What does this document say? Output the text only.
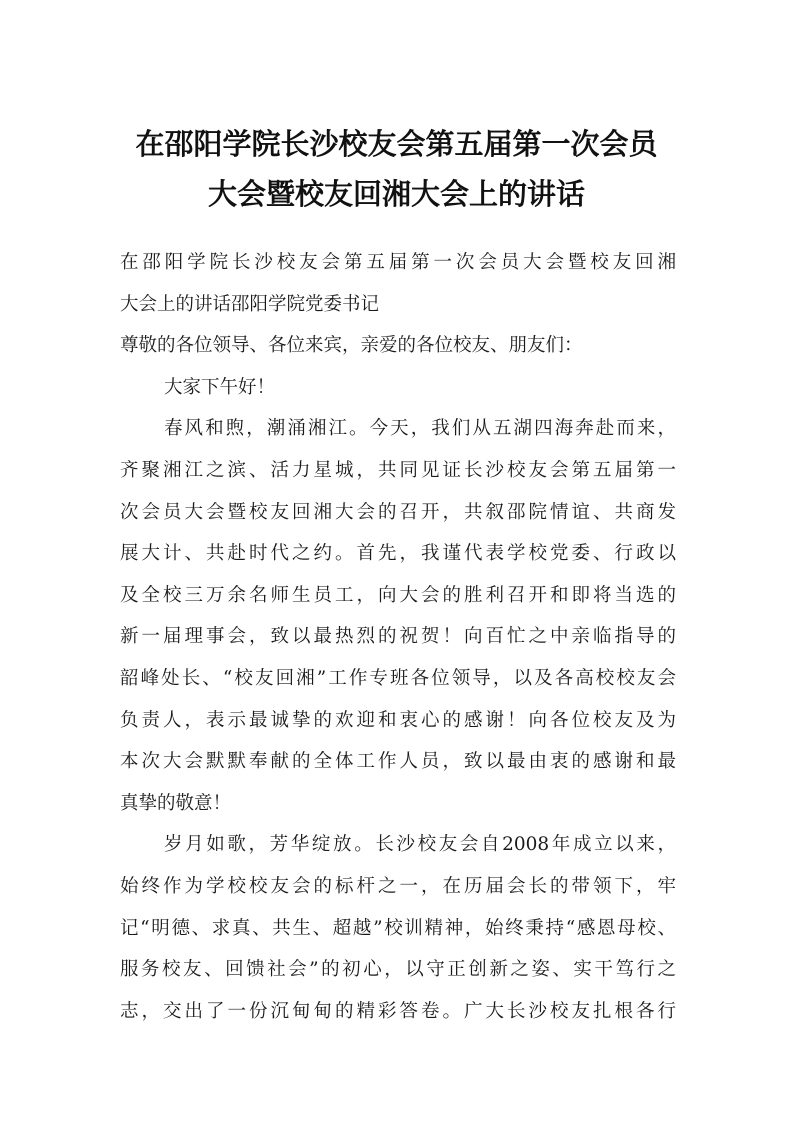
在邵阳学院长沙校友会第五届第一次会员
大会暨校友回湘大会上的讲话
在邵阳学院长沙校友会第五届第一次会员大会暨校友回湘
大会上的讲话邵阳学院党委书记
尊敬的各位领导、各位来宾，亲爱的各位校友、朋友们：
大家下午好！
春风和煦，潮涌湘江。今天，我们从五湖四海奔赴而来，
齐聚湘江之滨、活力星城，共同见证长沙校友会第五届第一
次会员大会暨校友回湘大会的召开，共叙邵院情谊、共商发
展大计、共赴时代之约。首先，我谨代表学校党委、行政以
及全校三万余名师生员工，向大会的胜利召开和即将当选的
新一届理事会，致以最热烈的祝贺！向百忙之中亲临指导的
韶峰处长、“校友回湘”工作专班各位领导，以及各高校校友会
负责人，表示最诚挚的欢迎和衷心的感谢！向各位校友及为
本次大会默默奉献的全体工作人员，致以最由衷的感谢和最
真挚的敬意！
岁月如歌，芳华绽放。长沙校友会自2008年成立以来，
始终作为学校校友会的标杆之一，在历届会长的带领下，牢
记“明德、求真、共生、超越”校训精神，始终秉持“感恩母校、
服务校友、回馈社会”的初心，以守正创新之姿、实干笃行之
志，交出了一份沉甸甸的精彩答卷。广大长沙校友扎根各行
